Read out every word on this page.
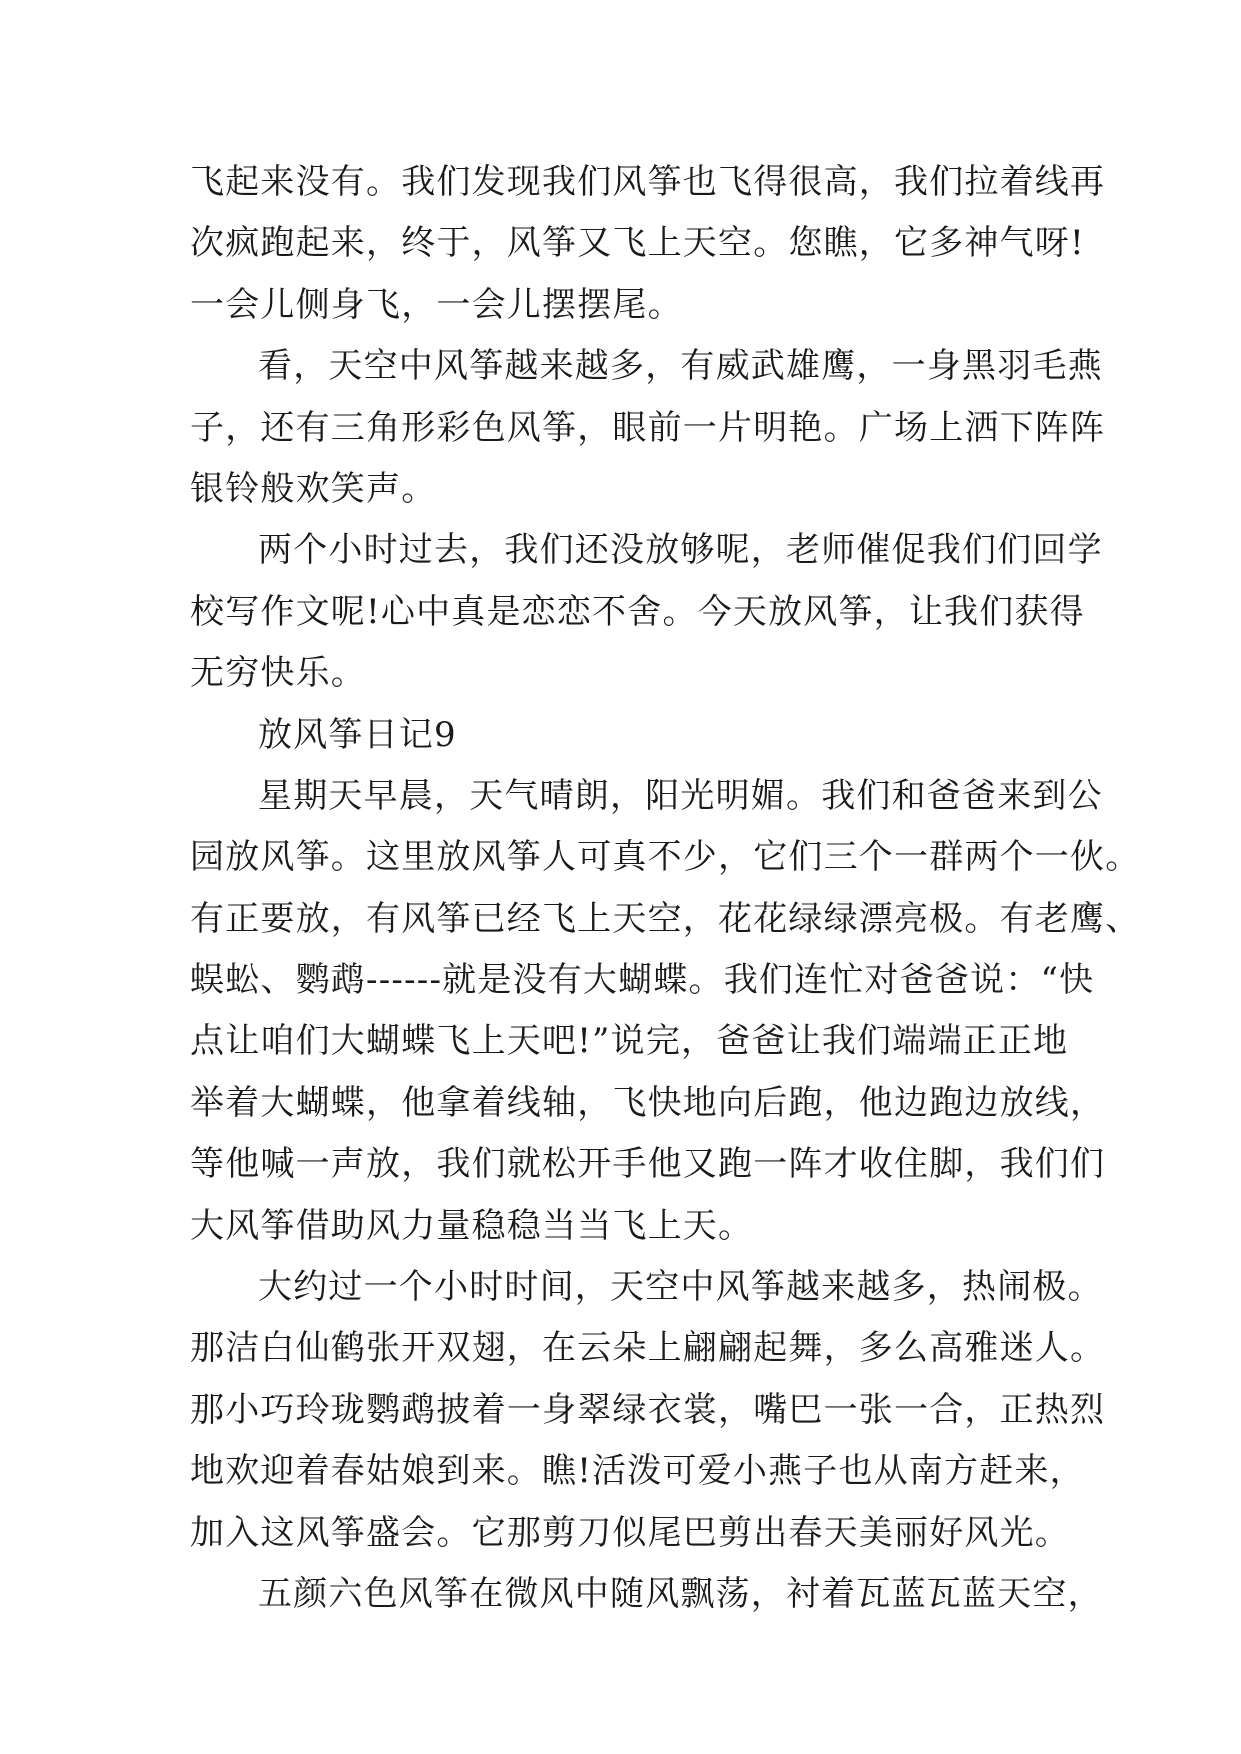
飞起来没有。我们发现我们风筝也飞得很高，我们拉着线再
次疯跑起来，终于，风筝又飞上天空。您瞧，它多神气呀!
一会儿侧身飞，一会儿摆摆尾。
看，天空中风筝越来越多，有威武雄鹰，一身黑羽毛燕
子，还有三角形彩色风筝，眼前一片明艳。广场上洒下阵阵
银铃般欢笑声。
两个小时过去，我们还没放够呢，老师催促我们们回学
校写作文呢!心中真是恋恋不舍。今天放风筝，让我们获得
无穷快乐。
放风筝日记9
星期天早晨，天气晴朗，阳光明媚。我们和爸爸来到公
园放风筝。这里放风筝人可真不少，它们三个一群两个一伙。
有正要放，有风筝已经飞上天空，花花绿绿漂亮极。有老鹰、
蜈蚣、鹦鹉------就是没有大蝴蝶。我们连忙对爸爸说：“快
点让咱们大蝴蝶飞上天吧!”说完，爸爸让我们端端正正地
举着大蝴蝶，他拿着线轴，飞快地向后跑，他边跑边放线，
等他喊一声放，我们就松开手他又跑一阵才收住脚，我们们
大风筝借助风力量稳稳当当飞上天。
大约过一个小时时间，天空中风筝越来越多，热闹极。
那洁白仙鹤张开双翅，在云朵上翩翩起舞，多么高雅迷人。
那小巧玲珑鹦鹉披着一身翠绿衣裳，嘴巴一张一合，正热烈
地欢迎着春姑娘到来。瞧!活泼可爱小燕子也从南方赶来，
加入这风筝盛会。它那剪刀似尾巴剪出春天美丽好风光。
五颜六色风筝在微风中随风飘荡，衬着瓦蓝瓦蓝天空，
